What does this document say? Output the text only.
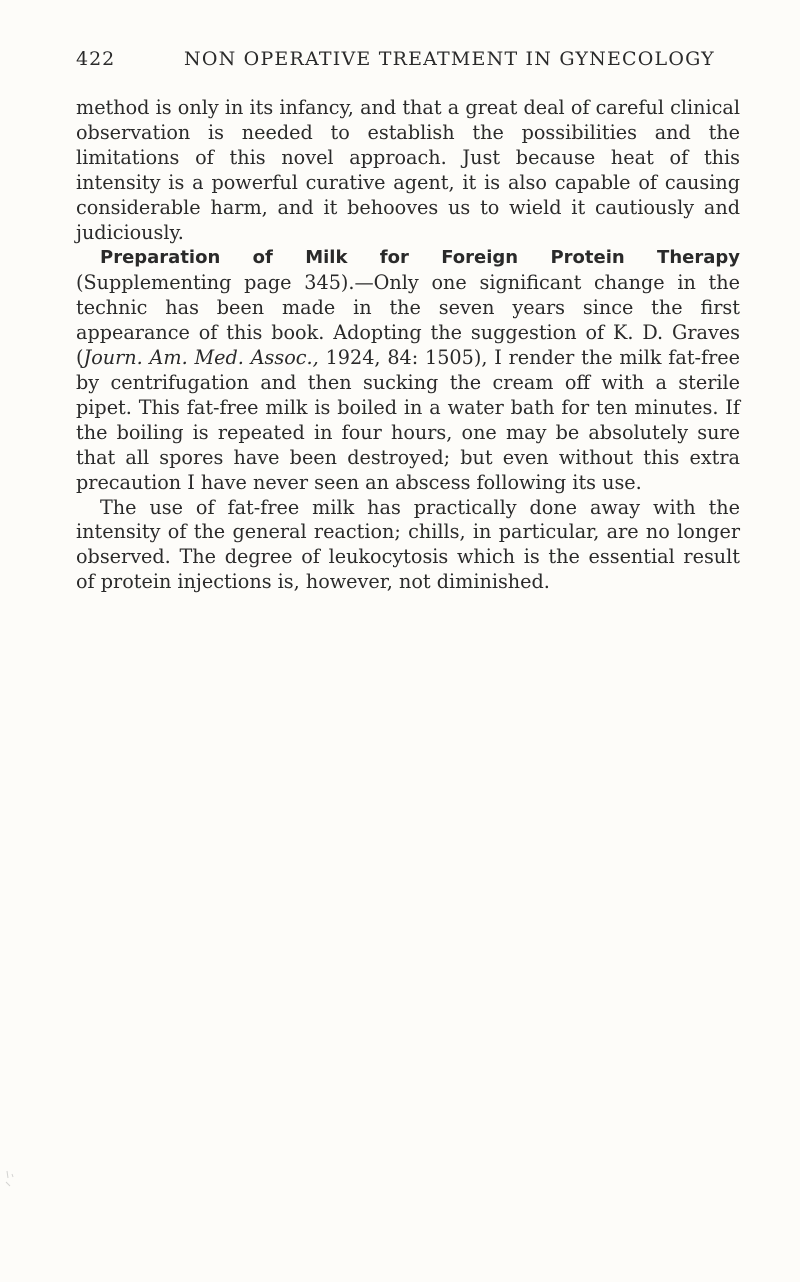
422	NON OPERATIVE TREATMENT IN GYNECOLOGY

method is only in its infancy, and that a great deal of careful clinical observation is needed to establish the possibilities and the limitations of this novel approach. Just because heat of this intensity is a powerful curative agent, it is also capable of causing considerable harm, and it behooves us to wield it cautiously and judiciously.

Preparation of Milk for Foreign Protein Therapy (Supplementing page 345).—Only one significant change in the technic has been made in the seven years since the first appearance of this book. Adopting the suggestion of K. D. Graves (Journ. Am. Med. Assoc., 1924, 84: 1505), I render the milk fat-free by centrifugation and then sucking the cream off with a sterile pipet. This fat-free milk is boiled in a water bath for ten minutes. If the boiling is repeated in four hours, one may be absolutely sure that all spores have been destroyed; but even without this extra precaution I have never seen an abscess following its use.

The use of fat-free milk has practically done away with the intensity of the general reaction; chills, in particular, are no longer observed. The degree of leukocytosis which is the essential result of protein injections is, however, not diminished.
